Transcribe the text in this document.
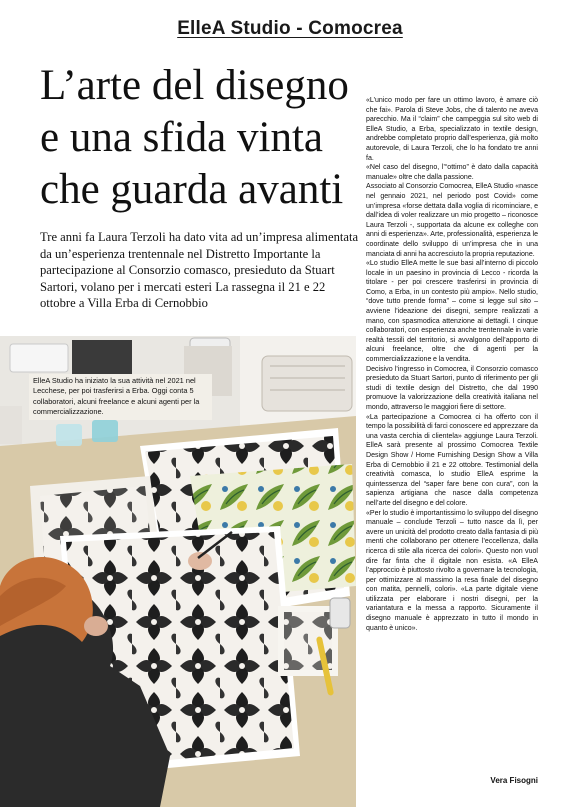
ElleA Studio - Comocrea
L’arte del disegno
e una sfida vinta
che guarda avanti

Tre anni fa Laura Terzoli ha dato vita ad un’impresa alimentata da un’esperienza trentennale nel Distretto Importante la partecipazione al Consorzio comasco, presieduto da Stuart Sartori, volano per i mercati esteri La rassegna il 21 e 22 ottobre a Villa Erba di Cernobbio

ElleA Studio ha iniziato la sua attività nel 2021 nel Lecchese, per poi trasferirsi a Erba. Oggi conta 5 collaboratori, alcuni freelance e alcuni agenti per la commercializzazione.

«L’unico modo per fare un ottimo lavoro, è amare ciò che fai». Parola di Steve Jobs, che di talento ne aveva parecchio. Ma il “claim” che campeggia sul sito web di ElleA Studio, a Erba, specializzato in textile design, andrebbe completato proprio dall’esperienza, già molto autorevole, di Laura Terzoli, che lo ha fondato tre anni fa.

«Nel caso del disegno, l’“ottimo” è dato dalla capacità manuale» oltre che dalla passione.

Associato al Consorzio Comocrea, ElleA Studio «nasce nel gennaio 2021, nel periodo post Covid» come un’impresa «forse dettata dalla voglia di ricominciare, e dall’idea di voler realizzare un mio progetto – riconosce Laura Terzoli -, supportata da alcune ex colleghe con anni di esperienza». Arte, professionalità, esperienza le coordinate dello sviluppo di un’impresa che in una manciata di anni ha accresciuto la propria reputazione.

«Lo studio ElleA mette le sue basi all’interno di piccolo locale in un paesino in provincia di Lecco - ricorda la titolare - per poi crescere trasferirsi in provincia di Como, a Erba, in un contesto più ampio». Nello studio, “dove tutto prende forma” – come si legge sul sito – avviene l’ideazione dei disegni, sempre realizzati a mano, con spasmodica attenzione ai dettagli. I cinque collaboratori, con esperienza anche trentennale in varie realtà tessili del territorio, si avvalgono dell’apporto di alcuni freelance, oltre che di agenti per la commercializzazione e la vendita.

Decisivo l’ingresso in Comocrea, il Consorzio comasco presieduto da Stuart Sartori, punto di riferimento per gli studi di textile design del Distretto, che dal 1990 promuove la valorizzazione della creatività italiana nel mondo, attraverso le maggiori fiere di settore.

«La partecipazione a Comocrea ci ha offerto con il tempo la possibilità di farci conoscere ed apprezzare da una vasta cerchia di clientela» aggiunge Laura Terzoli. ElleA sarà presente al prossimo Comocrea Textile Design Show / Home Furnishing Design Show a Villa Erba di Cernobbio il 21 e 22 ottobre. Testimonial della creatività comasca, lo studio ElleA esprime la quintessenza del “saper fare bene con cura”, con la sapienza artigiana che nasce dalla competenza nell’arte del disegno e del colore.

«Per lo studio è importantissimo lo sviluppo del disegno manuale – conclude Terzoli – tutto nasce da lì, per avere un unicità del prodotto creato dalla fantasia di più menti che collaborano per ottenere l’eccellenza, dalla ricerca di stile alla ricerca dei colori». Questo non vuol dire far finta che il digitale non esista. «A ElleA l’approccio è piuttosto rivolto a governare la tecnologia, per ottimizzare al massimo la resa finale del disegno con matita, pennelli, colori». «La parte digitale viene utilizzata per elaborare i nostri disegni, per la variantatura e la messa a rapporto. Sicuramente il disegno manuale è apprezzato in tutto il mondo in quanto è unico».

Vera Fisogni
